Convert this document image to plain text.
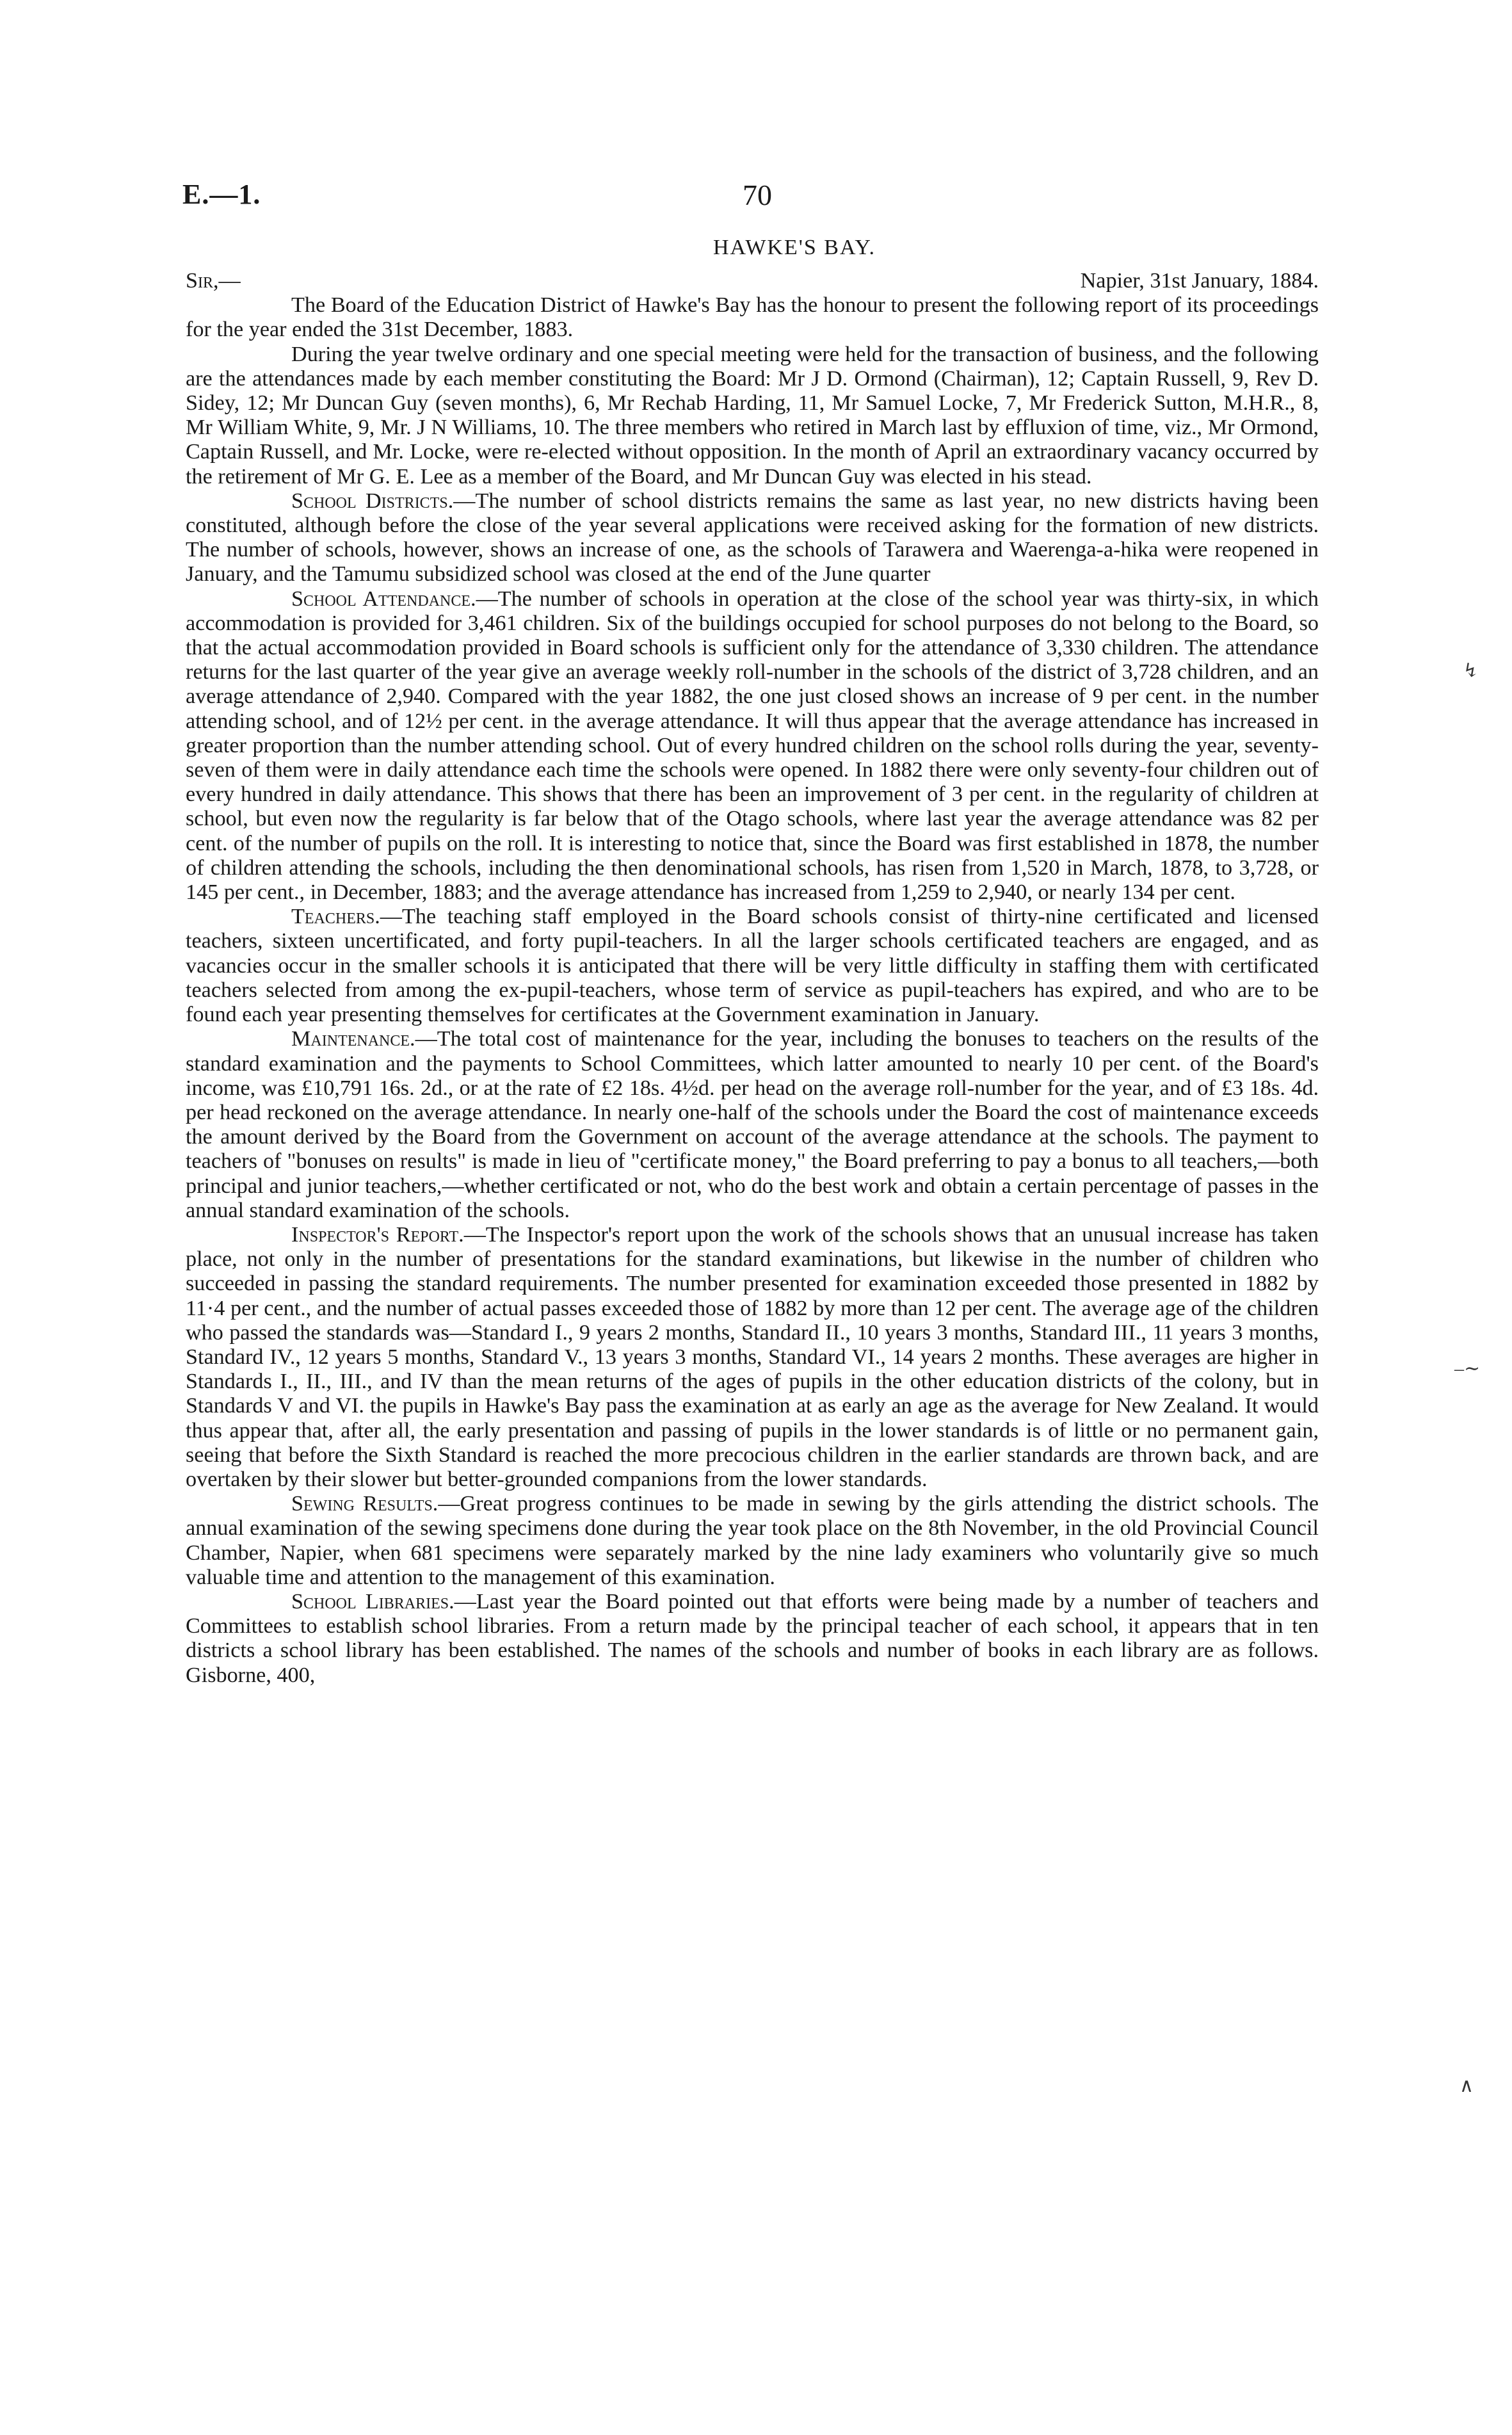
E.—1.	70
HAWKE'S BAY.
Sir,—	Napier, 31st January, 1884.

The Board of the Education District of Hawke's Bay has the honour to present the following report of its proceedings for the year ended the 31st December, 1883.

During the year twelve ordinary and one special meeting were held for the transaction of business, and the following are the attendances made by each member constituting the Board: Mr J D. Ormond (Chairman), 12; Captain Russell, 9, Rev D. Sidey, 12; Mr Duncan Guy (seven months), 6, Mr Rechab Harding, 11, Mr Samuel Locke, 7, Mr Frederick Sutton, M.H.R., 8, Mr William White, 9, Mr. J N Williams, 10. The three members who retired in March last by effluxion of time, viz., Mr Ormond, Captain Russell, and Mr. Locke, were re-elected without opposition. In the month of April an extraordinary vacancy occurred by the retirement of Mr G. E. Lee as a member of the Board, and Mr Duncan Guy was elected in his stead.

School Districts.—The number of school districts remains the same as last year, no new districts having been constituted, although before the close of the year several applications were received asking for the formation of new districts. The number of schools, however, shows an increase of one, as the schools of Tarawera and Waerenga-a-hika were reopened in January, and the Tamumu subsidized school was closed at the end of the June quarter

School Attendance.—The number of schools in operation at the close of the school year was thirty-six, in which accommodation is provided for 3,461 children. Six of the buildings occupied for school purposes do not belong to the Board, so that the actual accommodation provided in Board schools is sufficient only for the attendance of 3,330 children. The attendance returns for the last quarter of the year give an average weekly roll-number in the schools of the district of 3,728 children, and an average attendance of 2,940. Compared with the year 1882, the one just closed shows an increase of 9 per cent. in the number attending school, and of 12½ per cent. in the average attendance. It will thus appear that the average attendance has increased in greater proportion than the number attending school. Out of every hundred children on the school rolls during the year, seventy-seven of them were in daily attendance each time the schools were opened. In 1882 there were only seventy-four children out of every hundred in daily attendance. This shows that there has been an improvement of 3 per cent. in the regularity of children at school, but even now the regularity is far below that of the Otago schools, where last year the average attendance was 82 per cent. of the number of pupils on the roll. It is interesting to notice that, since the Board was first established in 1878, the number of children attending the schools, including the then denominational schools, has risen from 1,520 in March, 1878, to 3,728, or 145 per cent., in December, 1883; and the average attendance has increased from 1,259 to 2,940, or nearly 134 per cent.

Teachers.—The teaching staff employed in the Board schools consist of thirty-nine certificated and licensed teachers, sixteen uncertificated, and forty pupil-teachers. In all the larger schools certificated teachers are engaged, and as vacancies occur in the smaller schools it is anticipated that there will be very little difficulty in staffing them with certificated teachers selected from among the ex-pupil-teachers, whose term of service as pupil-teachers has expired, and who are to be found each year presenting themselves for certificates at the Government examination in January.

Maintenance.—The total cost of maintenance for the year, including the bonuses to teachers on the results of the standard examination and the payments to School Committees, which latter amounted to nearly 10 per cent. of the Board's income, was £10,791 16s. 2d., or at the rate of £2 18s. 4½d. per head on the average roll-number for the year, and of £3 18s. 4d. per head reckoned on the average attendance. In nearly one-half of the schools under the Board the cost of maintenance exceeds the amount derived by the Board from the Government on account of the average attendance at the schools. The payment to teachers of "bonuses on results" is made in lieu of "certificate money," the Board preferring to pay a bonus to all teachers,—both principal and junior teachers,—whether certificated or not, who do the best work and obtain a certain percentage of passes in the annual standard examination of the schools.

Inspector's Report.—The Inspector's report upon the work of the schools shows that an unusual increase has taken place, not only in the number of presentations for the standard examinations, but likewise in the number of children who succeeded in passing the standard requirements. The number presented for examination exceeded those presented in 1882 by 11·4 per cent., and the number of actual passes exceeded those of 1882 by more than 12 per cent. The average age of the children who passed the standards was—Standard I., 9 years 2 months, Standard II., 10 years 3 months, Standard III., 11 years 3 months, Standard IV., 12 years 5 months, Standard V., 13 years 3 months, Standard VI., 14 years 2 months. These averages are higher in Standards I., II., III., and IV than the mean returns of the ages of pupils in the other education districts of the colony, but in Standards V and VI. the pupils in Hawke's Bay pass the examination at as early an age as the average for New Zealand. It would thus appear that, after all, the early presentation and passing of pupils in the lower standards is of little or no permanent gain, seeing that before the Sixth Standard is reached the more precocious children in the earlier standards are thrown back, and are overtaken by their slower but better-grounded companions from the lower standards.

Sewing Results.—Great progress continues to be made in sewing by the girls attending the district schools. The annual examination of the sewing specimens done during the year took place on the 8th November, in the old Provincial Council Chamber, Napier, when 681 specimens were separately marked by the nine lady examiners who voluntarily give so much valuable time and attention to the management of this examination.

School Libraries.—Last year the Board pointed out that efforts were being made by a number of teachers and Committees to establish school libraries. From a return made by the principal teacher of each school, it appears that in ten districts a school library has been established. The names of the schools and number of books in each library are as follows. Gisborne, 400,

↯
–∼
∧
